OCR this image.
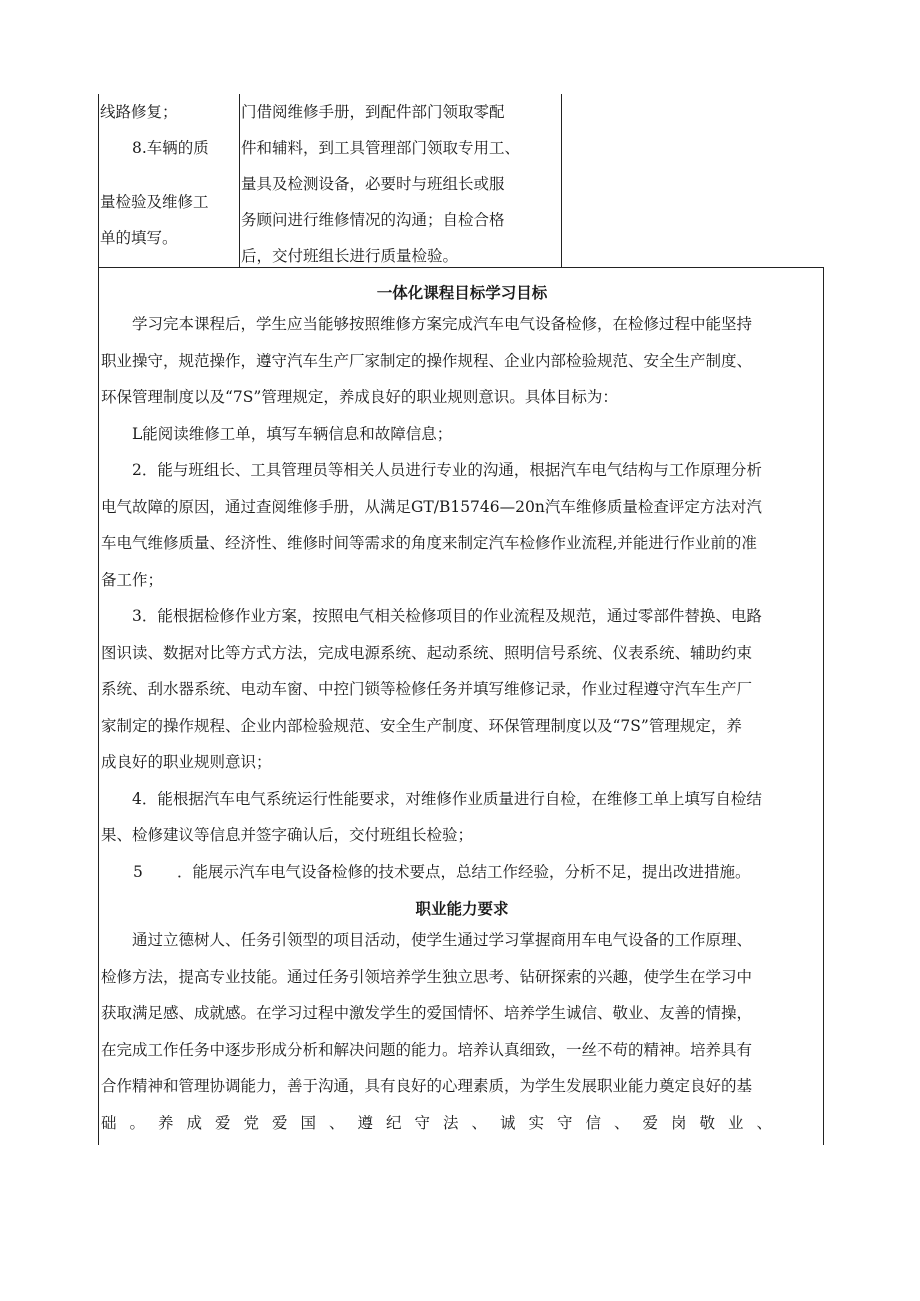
线路修复；
8.车辆的质
量检验及维修工
单的填写。
门借阅维修手册，到配件部门领取零配
件和辅料，到工具管理部门领取专用工、
量具及检测设备，必要时与班组长或服
务顾问进行维修情况的沟通；自检合格
后，交付班组长进行质量检验。
一体化课程目标学习目标
学习完本课程后，学生应当能够按照维修方案完成汽车电气设备检修，在检修过程中能坚持
职业操守，规范操作，遵守汽车生产厂家制定的操作规程、企业内部检验规范、安全生产制度、
环保管理制度以及“7S”管理规定，养成良好的职业规则意识。具体目标为：
L能阅读维修工单，填写车辆信息和故障信息；
2．能与班组长、工具管理员等相关人员进行专业的沟通，根据汽车电气结构与工作原理分析
电气故障的原因，通过查阅维修手册，从满足GT/B15746—20n汽车维修质量检查评定方法对汽
车电气维修质量、经济性、维修时间等需求的角度来制定汽车检修作业流程,并能进行作业前的准
备工作；
3．能根据检修作业方案，按照电气相关检修项目的作业流程及规范，通过零部件替换、电路
图识读、数据对比等方式方法，完成电源系统、起动系统、照明信号系统、仪表系统、辅助约束
系统、刮水器系统、电动车窗、中控门锁等检修任务并填写维修记录，作业过程遵守汽车生产厂
家制定的操作规程、企业内部检验规范、安全生产制度、环保管理制度以及“7S”管理规定，养
成良好的职业规则意识；
4．能根据汽车电气系统运行性能要求，对维修作业质量进行自检，在维修工单上填写自检结
果、检修建议等信息并签字确认后，交付班组长检验；
5 ．能展示汽车电气设备检修的技术要点，总结工作经验，分析不足，提出改进措施。
职业能力要求
通过立德树人、任务引领型的项目活动，使学生通过学习掌握商用车电气设备的工作原理、
检修方法，提高专业技能。通过任务引领培养学生独立思考、钻研探索的兴趣，使学生在学习中
获取满足感、成就感。在学习过程中激发学生的爱国情怀、培养学生诚信、敬业、友善的情操，
在完成工作任务中逐步形成分析和解决问题的能力。培养认真细致，一丝不苟的精神。培养具有
合作精神和管理协调能力，善于沟通，具有良好的心理素质，为学生发展职业能力奠定良好的基
础。养成爱党爱国、遵纪守法、诚实守信、爱岗敬业、
